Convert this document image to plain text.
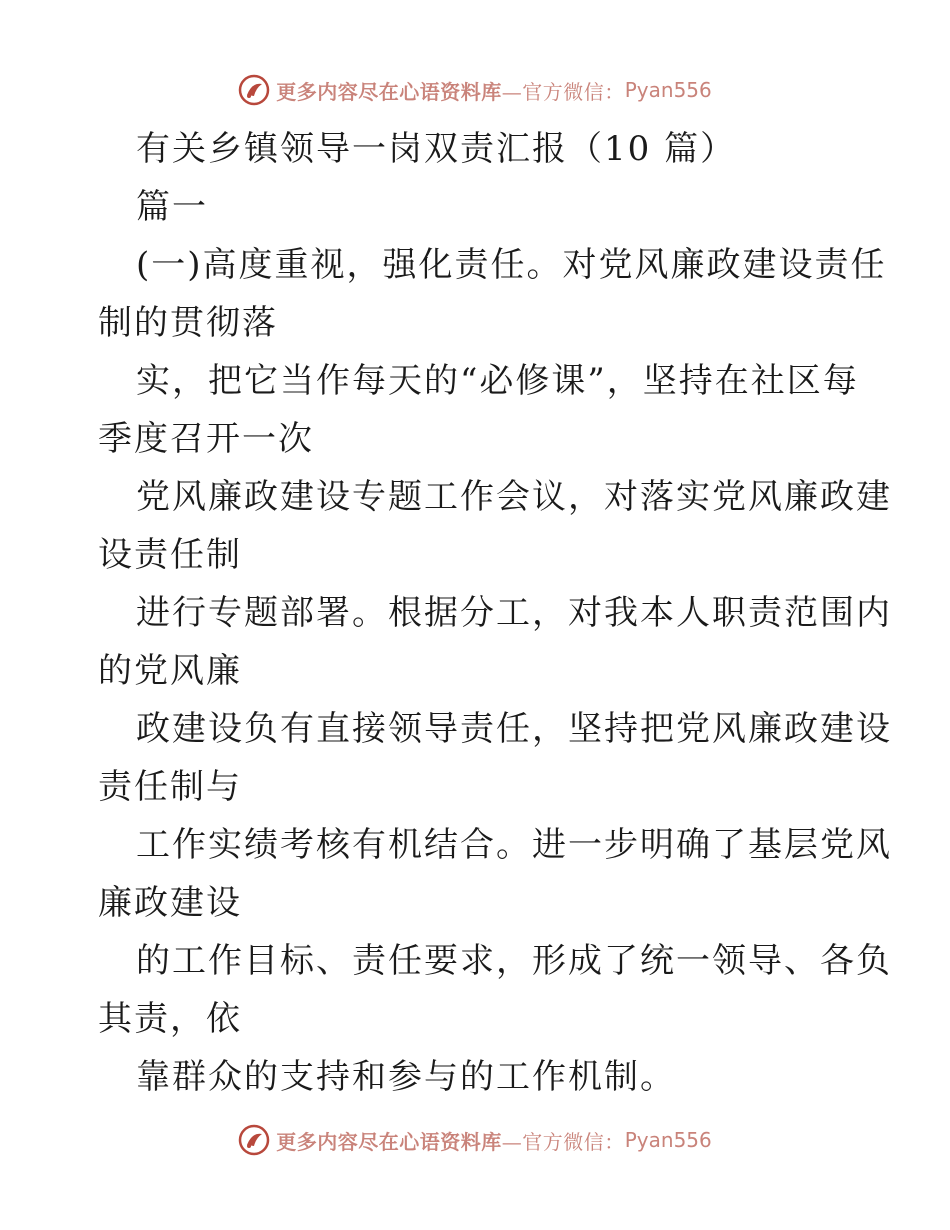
更多内容尽在心语资料库 —官方微信： Pyan556
有关乡镇领导一岗双责汇报（10 篇）
篇一
(一)高度重视，强化责任。对党风廉政建设责任
制的贯彻落
实，把它当作每天的“必修课”，坚持在社区每
季度召开一次
党风廉政建设专题工作会议，对落实党风廉政建
设责任制
进行专题部署。根据分工，对我本人职责范围内
的党风廉
政建设负有直接领导责任，坚持把党风廉政建设
责任制与
工作实绩考核有机结合。进一步明确了基层党风
廉政建设
的工作目标、责任要求，形成了统一领导、各负
其责，依
靠群众的支持和参与的工作机制。
更多内容尽在心语资料库 —官方微信： Pyan556
